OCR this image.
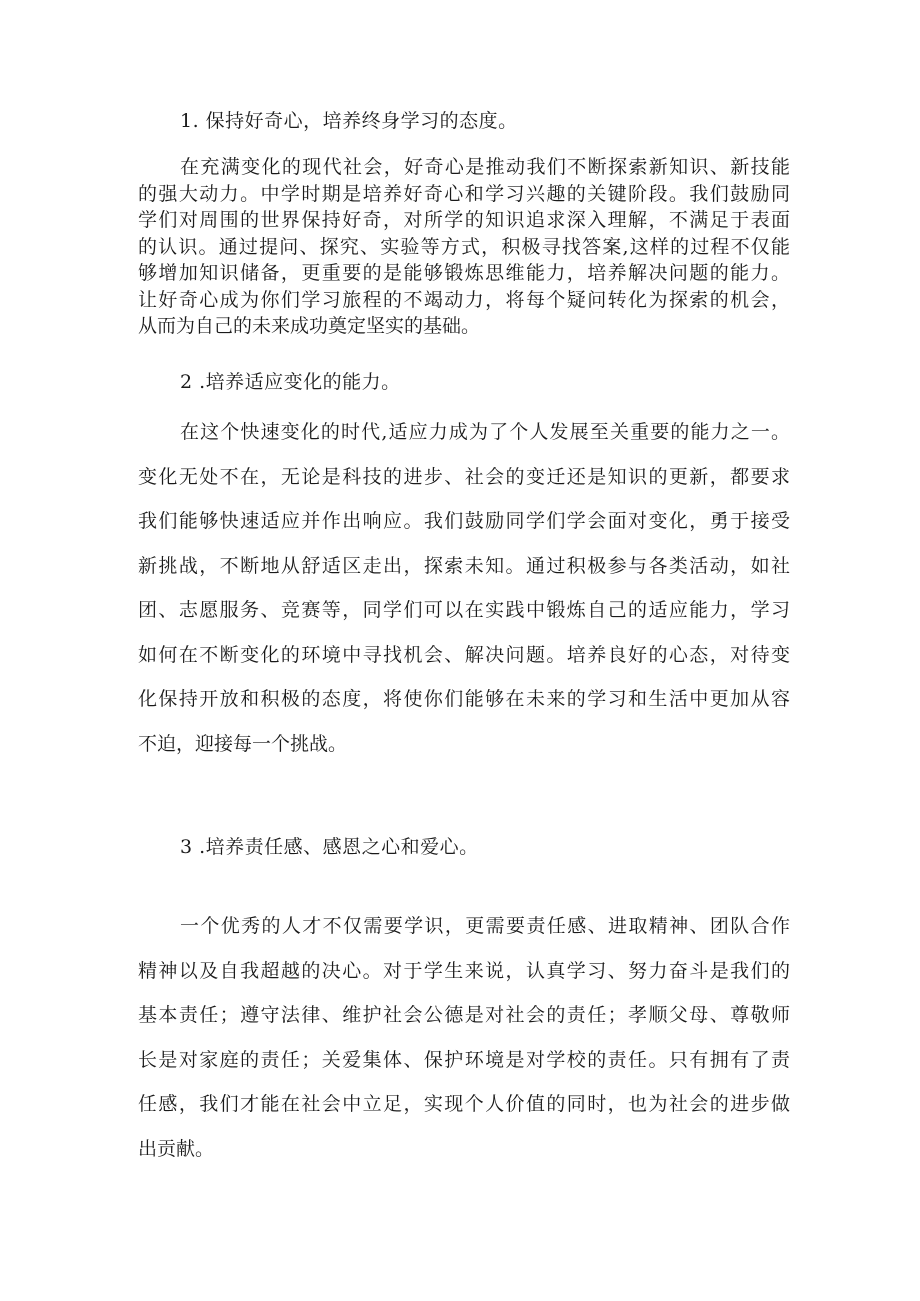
1. 保持好奇心，培养终身学习的态度。
在充满变化的现代社会，好奇心是推动我们不断探索新知识、新技能
的强大动力。中学时期是培养好奇心和学习兴趣的关键阶段。我们鼓励同
学们对周围的世界保持好奇，对所学的知识追求深入理解，不满足于表面
的认识。通过提问、探究、实验等方式，积极寻找答案,这样的过程不仅能
够增加知识储备，更重要的是能够锻炼思维能力，培养解决问题的能力。
让好奇心成为你们学习旅程的不竭动力，将每个疑问转化为探索的机会，
从而为自己的未来成功奠定坚实的基础。
2 .培养适应变化的能力。
在这个快速变化的时代,适应力成为了个人发展至关重要的能力之一。
变化无处不在，无论是科技的进步、社会的变迁还是知识的更新，都要求
我们能够快速适应并作出响应。我们鼓励同学们学会面对变化，勇于接受
新挑战，不断地从舒适区走出，探索未知。通过积极参与各类活动，如社
团、志愿服务、竞赛等，同学们可以在实践中锻炼自己的适应能力，学习
如何在不断变化的环境中寻找机会、解决问题。培养良好的心态，对待变
化保持开放和积极的态度，将使你们能够在未来的学习和生活中更加从容
不迫，迎接每一个挑战。
3 .培养责任感、感恩之心和爱心。
一个优秀的人才不仅需要学识，更需要责任感、进取精神、团队合作
精神以及自我超越的决心。对于学生来说，认真学习、努力奋斗是我们的
基本责任；遵守法律、维护社会公德是对社会的责任；孝顺父母、尊敬师
长是对家庭的责任；关爱集体、保护环境是对学校的责任。只有拥有了责
任感，我们才能在社会中立足，实现个人价值的同时，也为社会的进步做
出贡献。
